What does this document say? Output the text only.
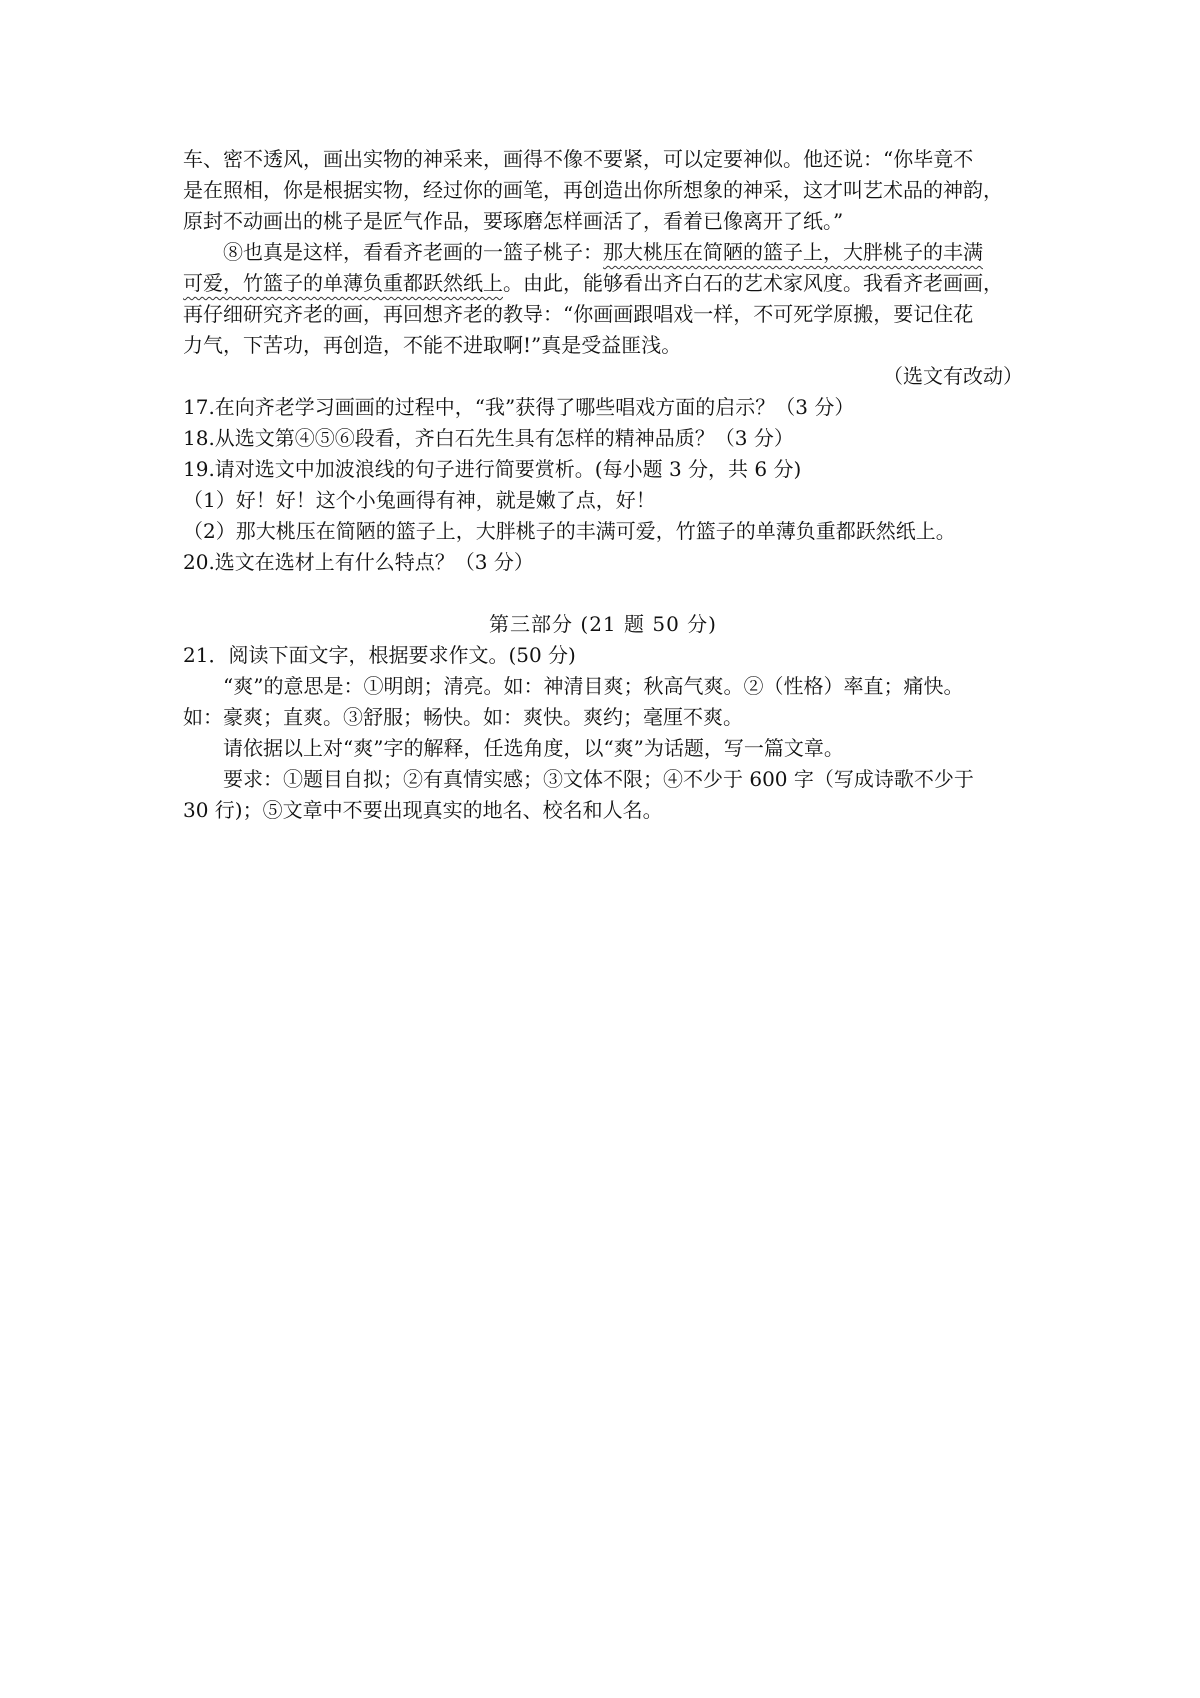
车、密不透风，画出实物的神采来，画得不像不要紧，可以定要神似。他还说：“你毕竟不
是在照相，你是根据实物，经过你的画笔，再创造出你所想象的神采，这才叫艺术品的神韵，
原封不动画出的桃子是匠气作品，要琢磨怎样画活了，看着已像离开了纸。”
⑧也真是这样，看看齐老画的一篮子桃子：那大桃压在简陋的篮子上，大胖桃子的丰满
可爱，竹篮子的单薄负重都跃然纸上。由此，能够看出齐白石的艺术家风度。我看齐老画画，
再仔细研究齐老的画，再回想齐老的教导：“你画画跟唱戏一样，不可死学原搬，要记住花
力气，下苦功，再创造，不能不进取啊!”真是受益匪浅。
（选文有改动）
17.在向齐老学习画画的过程中，“我”获得了哪些唱戏方面的启示？（3 分）
18.从选文第④⑤⑥段看，齐白石先生具有怎样的精神品质？（3 分）
19.请对选文中加波浪线的句子进行简要赏析。(每小题 3 分，共 6 分)
（1）好！好！这个小兔画得有神，就是嫩了点，好！
（2）那大桃压在简陋的篮子上，大胖桃子的丰满可爱，竹篮子的单薄负重都跃然纸上。
20.选文在选材上有什么特点？（3 分）
第三部分 (21 题 50 分)
21．阅读下面文字，根据要求作文。(50 分)
“爽”的意思是：①明朗；清亮。如：神清目爽；秋高气爽。②（性格）率直；痛快。
如：豪爽；直爽。③舒服；畅快。如：爽快。爽约；毫厘不爽。
请依据以上对“爽”字的解释，任选角度，以“爽”为话题，写一篇文章。
要求：①题目自拟；②有真情实感；③文体不限；④不少于 600 字（写成诗歌不少于
30 行)；⑤文章中不要出现真实的地名、校名和人名。
